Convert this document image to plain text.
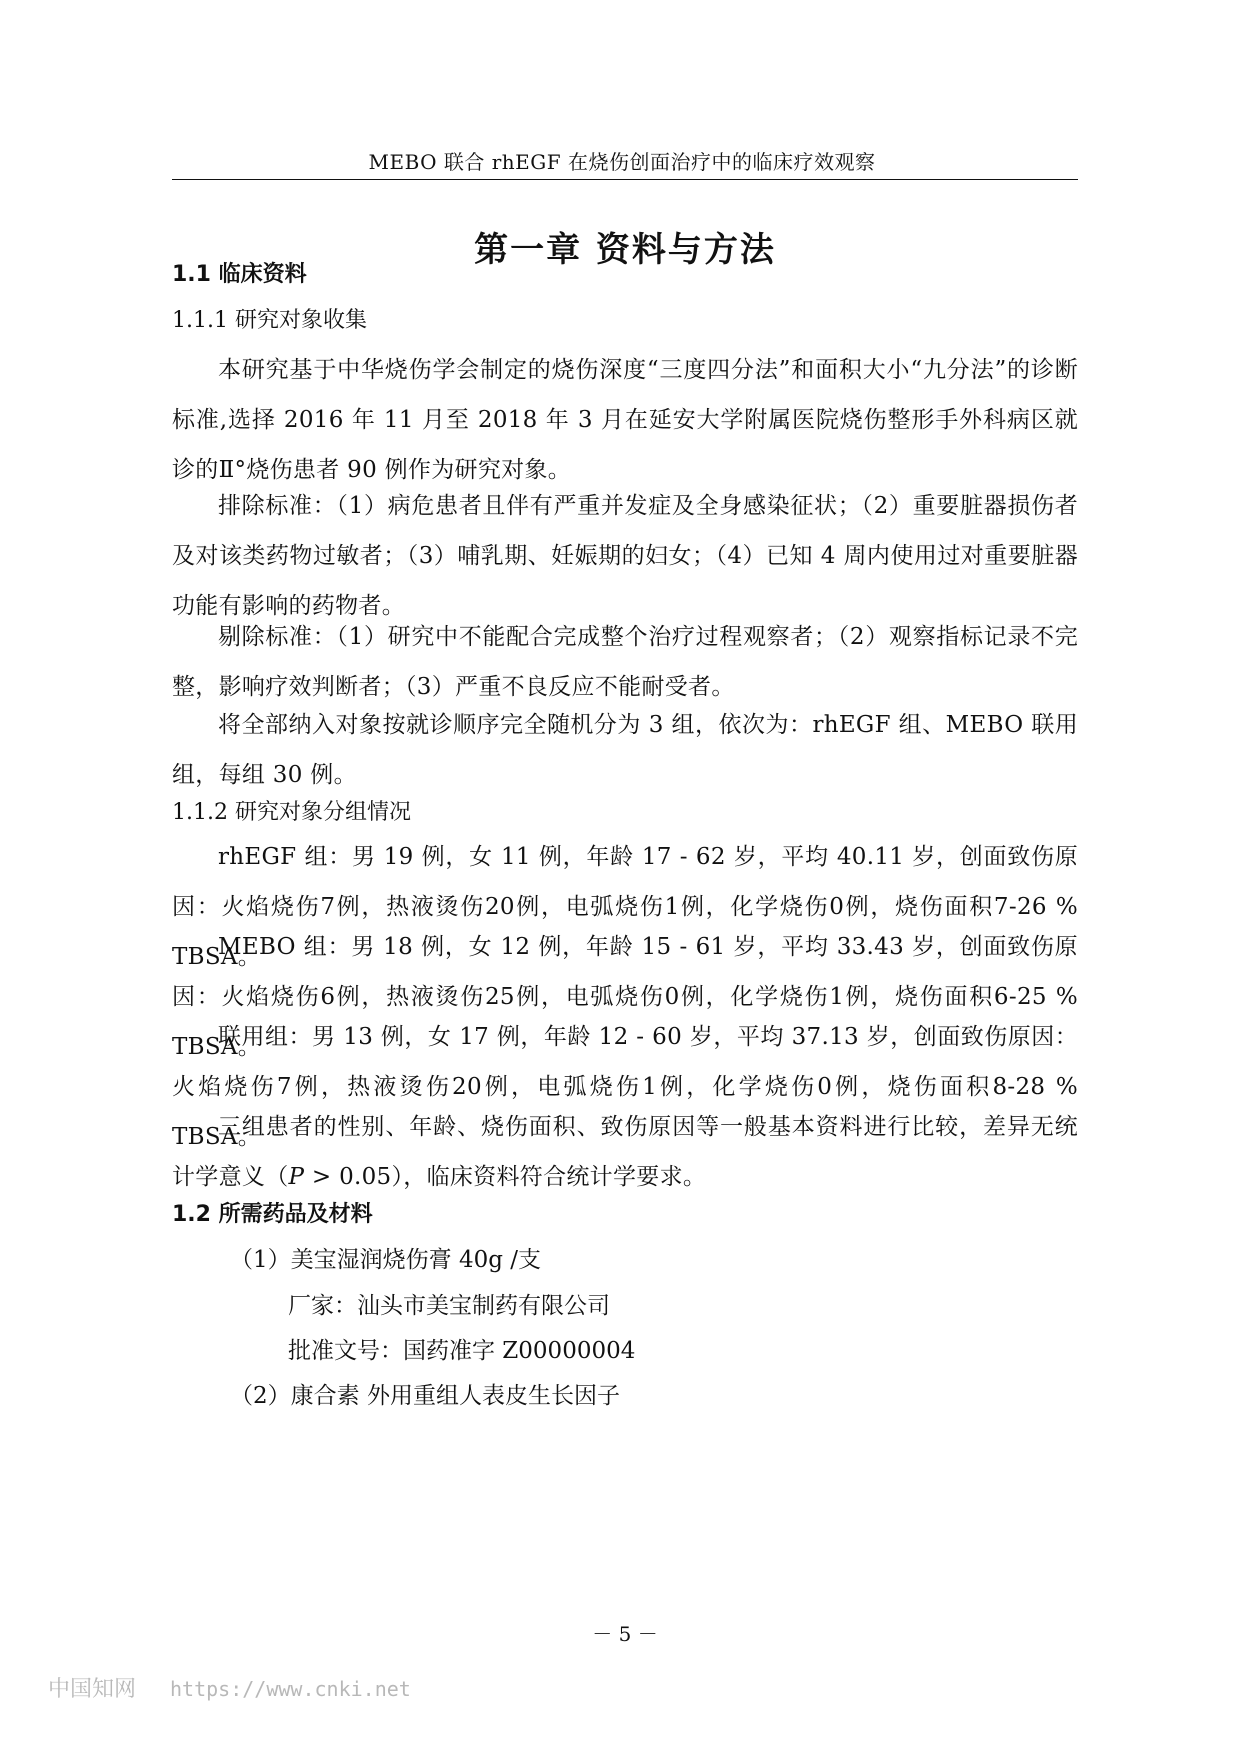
MEBO 联合 rhEGF 在烧伤创面治疗中的临床疗效观察
第一章 资料与方法
1.1 临床资料
1.1.1 研究对象收集

本研究基于中华烧伤学会制定的烧伤深度“三度四分法”和面积大小“九分法”的诊断标准,选择 2016 年 11 月至 2018 年 3 月在延安大学附属医院烧伤整形手外科病区就诊的Ⅱ°烧伤患者 90 例作为研究对象。

排除标准：（1）病危患者且伴有严重并发症及全身感染征状；（2）重要脏器损伤者及对该类药物过敏者；（3）哺乳期、妊娠期的妇女；（4）已知 4 周内使用过对重要脏器功能有影响的药物者。

剔除标准：（1）研究中不能配合完成整个治疗过程观察者；（2）观察指标记录不完整，影响疗效判断者；（3）严重不良反应不能耐受者。

将全部纳入对象按就诊顺序完全随机分为 3 组，依次为：rhEGF 组、MEBO 联用组，每组 30 例。

1.1.2 研究对象分组情况

rhEGF 组：男 19 例，女 11 例，年龄 17 - 62 岁，平均 40.11 岁，创面致伤原因：火焰烧伤7例，热液烫伤20例，电弧烧伤1例，化学烧伤0例，烧伤面积7-26 % TBSA。

MEBO 组：男 18 例，女 12 例，年龄 15 - 61 岁，平均 33.43 岁，创面致伤原因：火焰烧伤6例，热液烫伤25例，电弧烧伤0例，化学烧伤1例，烧伤面积6-25 % TBSA。

联用组：男 13 例，女 17 例，年龄 12 - 60 岁，平均 37.13 岁，创面致伤原因：火焰烧伤7例，热液烫伤20例，电弧烧伤1例，化学烧伤0例，烧伤面积8-28 % TBSA。

三组患者的性别、年龄、烧伤面积、致伤原因等一般基本资料进行比较，差异无统计学意义（P > 0.05），临床资料符合统计学要求。

1.2 所需药品及材料
（1）美宝湿润烧伤膏 40g /支
厂家：汕头市美宝制药有限公司
批准文号：国药准字 Z00000004
（2）康合素 外用重组人表皮生长因子
－ 5 －
中国知网 https://www.cnki.net
